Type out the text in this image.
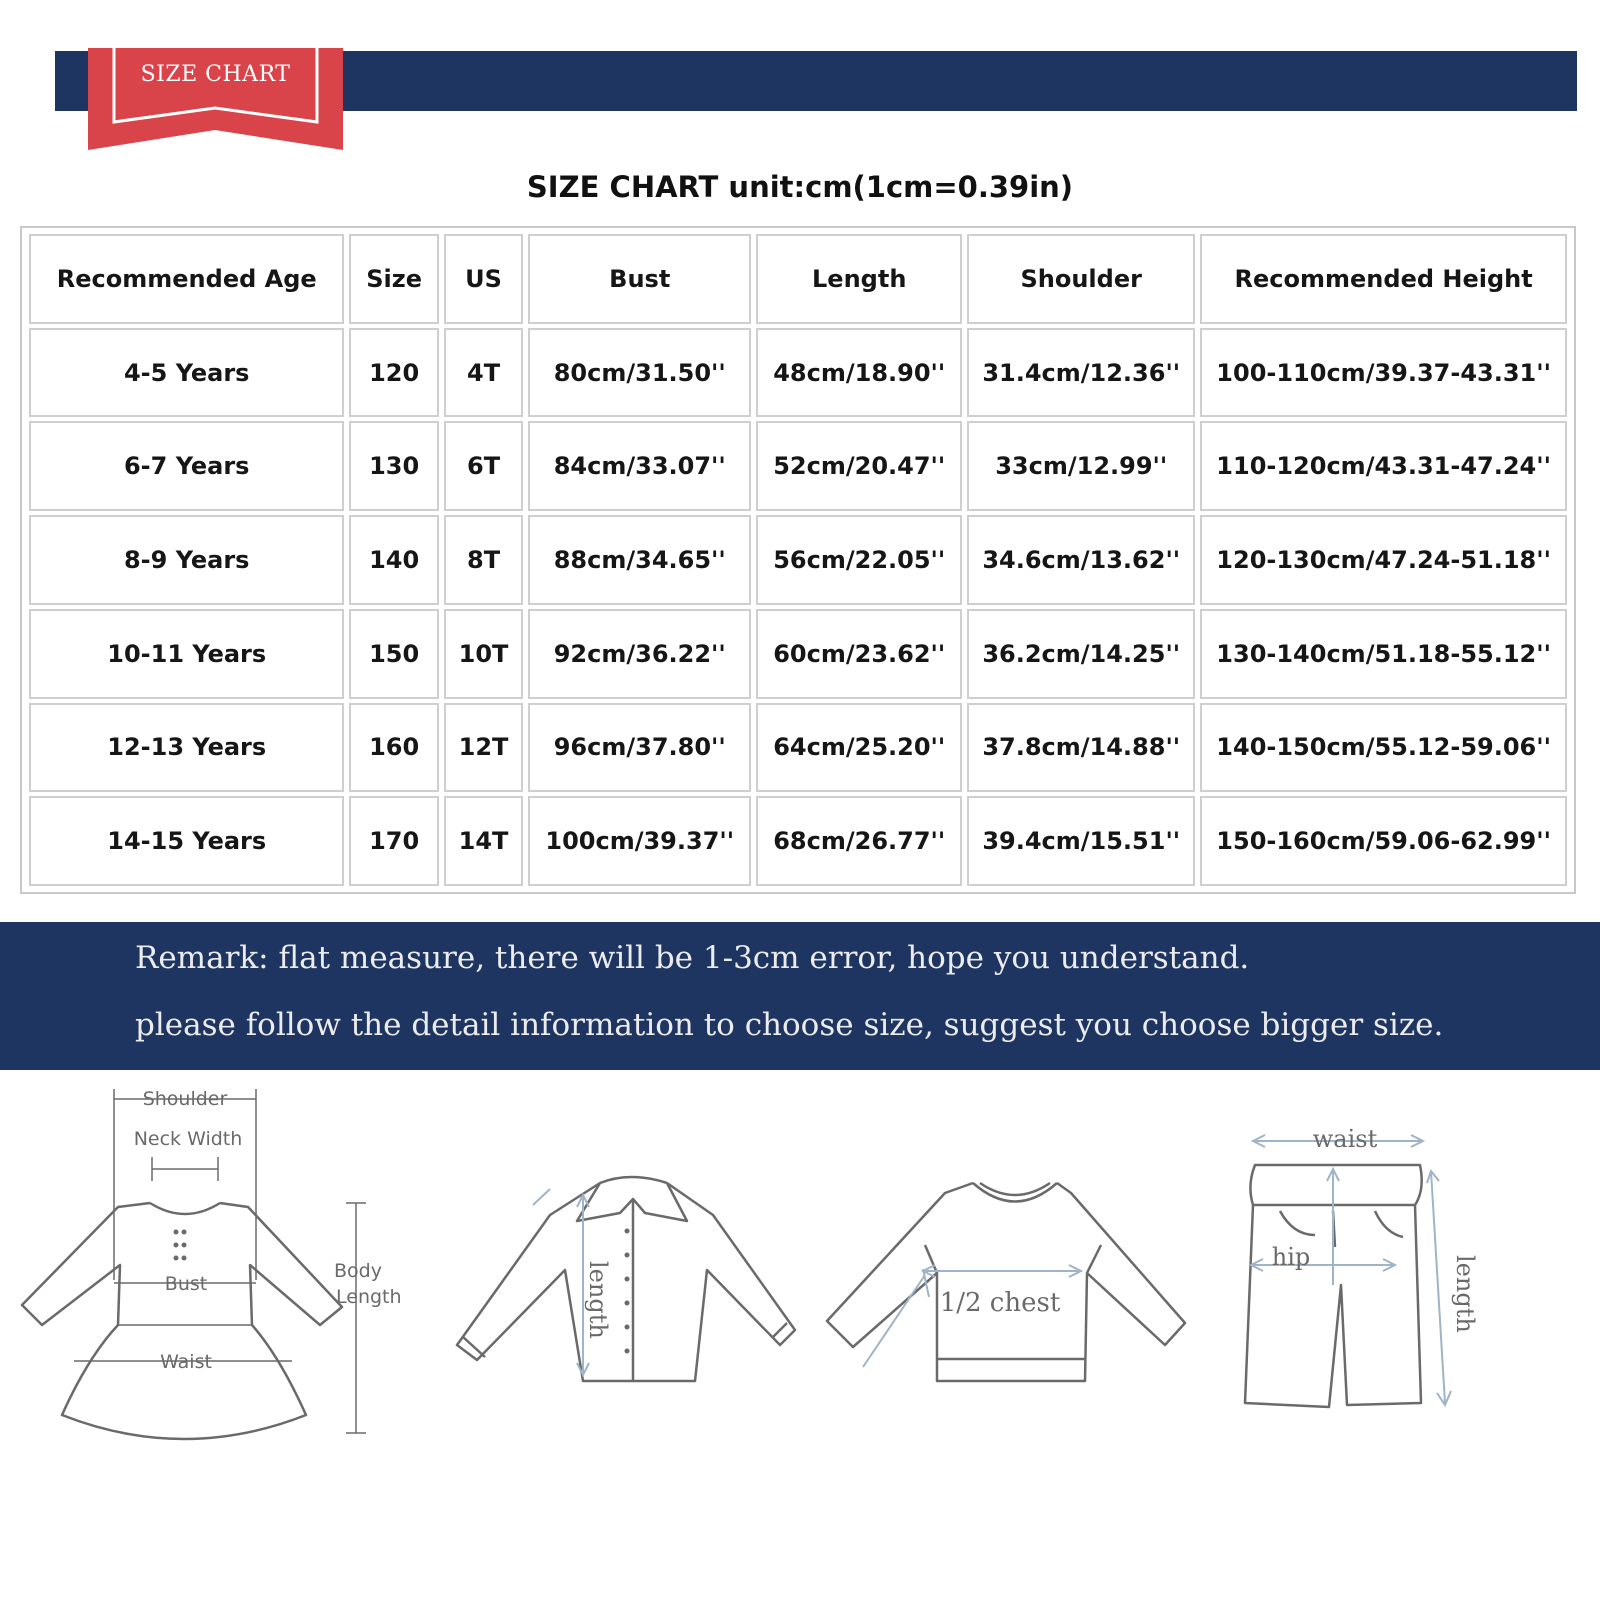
SIZE CHART
SIZE CHART unit:cm(1cm=0.39in)
Recommended Age	Size	US	Bust	Length	Shoulder	Recommended Height
4-5 Years	120	4T	80cm/31.50''	48cm/18.90''	31.4cm/12.36''	100-110cm/39.37-43.31''
6-7 Years	130	6T	84cm/33.07''	52cm/20.47''	33cm/12.99''	110-120cm/43.31-47.24''
8-9 Years	140	8T	88cm/34.65''	56cm/22.05''	34.6cm/13.62''	120-130cm/47.24-51.18''
10-11 Years	150	10T	92cm/36.22''	60cm/23.62''	36.2cm/14.25''	130-140cm/51.18-55.12''
12-13 Years	160	12T	96cm/37.80''	64cm/25.20''	37.8cm/14.88''	140-150cm/55.12-59.06''
14-15 Years	170	14T	100cm/39.37''	68cm/26.77''	39.4cm/15.51''	150-160cm/59.06-62.99''
Remark: flat measure, there will be 1-3cm error, hope you understand.
please follow the detail information to choose size, suggest you choose bigger size.
Shoulder
Neck Width
Body
Length
Bust
Waist
length	1/2 chest
waist
hip	length
